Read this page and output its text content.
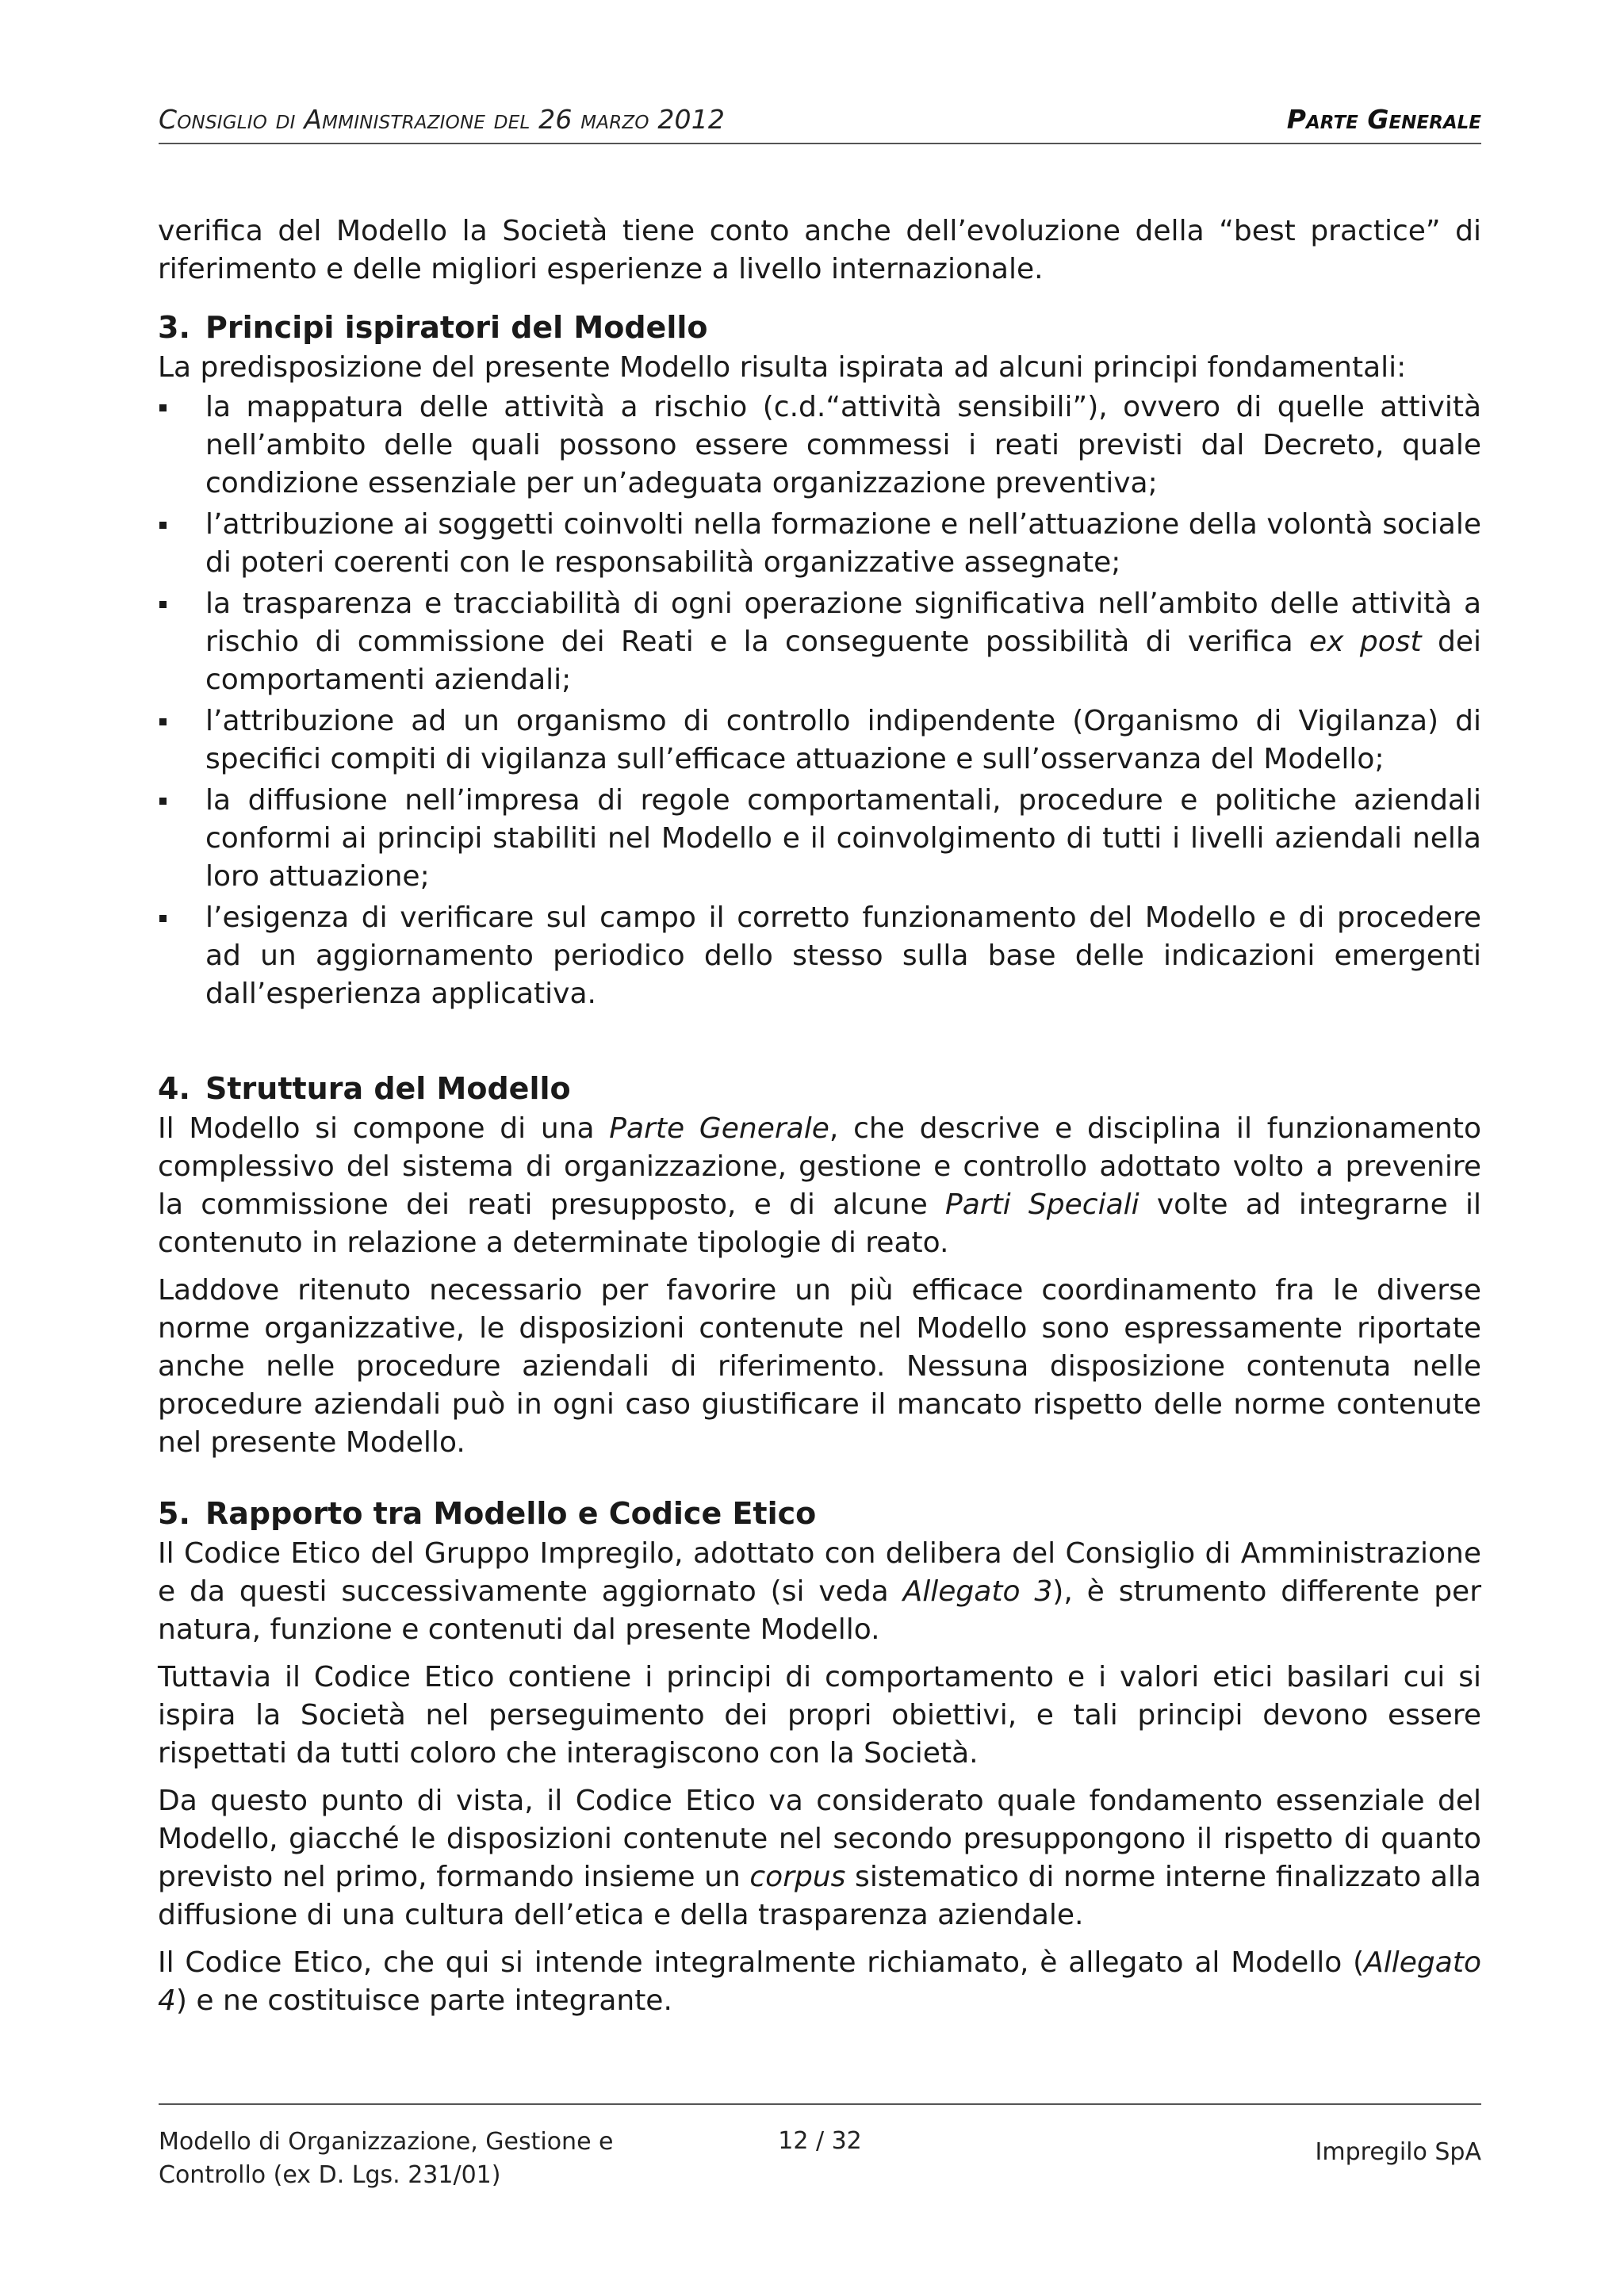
Consiglio di Amministrazione del 26 marzo 2012	Parte Generale

verifica del Modello la Società tiene conto anche dell’evoluzione della “best practice” di riferimento e delle migliori esperienze a livello internazionale.

3. Principi ispiratori del Modello

La predisposizione del presente Modello risulta ispirata ad alcuni principi fondamentali:

la mappatura delle attività a rischio (c.d.“attività sensibili”), ovvero di quelle attività nell’ambito delle quali possono essere commessi i reati previsti dal Decreto, quale condizione essenziale per un’adeguata organizzazione preventiva;
l’attribuzione ai soggetti coinvolti nella formazione e nell’attuazione della volontà sociale di poteri coerenti con le responsabilità organizzative assegnate;
la trasparenza e tracciabilità di ogni operazione significativa nell’ambito delle attività a rischio di commissione dei Reati e la conseguente possibilità di verifica ex post dei comportamenti aziendali;
l’attribuzione ad un organismo di controllo indipendente (Organismo di Vigilanza) di specifici compiti di vigilanza sull’efficace attuazione e sull’osservanza del Modello;
la diffusione nell’impresa di regole comportamentali, procedure e politiche aziendali conformi ai principi stabiliti nel Modello e il coinvolgimento di tutti i livelli aziendali nella loro attuazione;
l’esigenza di verificare sul campo il corretto funzionamento del Modello e di procedere ad un aggiornamento periodico dello stesso sulla base delle indicazioni emergenti dall’esperienza applicativa.
4. Struttura del Modello

Il Modello si compone di una Parte Generale, che descrive e disciplina il funzionamento complessivo del sistema di organizzazione, gestione e controllo adottato volto a prevenire la commissione dei reati presupposto, e di alcune Parti Speciali volte ad integrarne il contenuto in relazione a determinate tipologie di reato.

Laddove ritenuto necessario per favorire un più efficace coordinamento fra le diverse norme organizzative, le disposizioni contenute nel Modello sono espressamente riportate anche nelle procedure aziendali di riferimento. Nessuna disposizione contenuta nelle procedure aziendali può in ogni caso giustificare il mancato rispetto delle norme contenute nel presente Modello.

5. Rapporto tra Modello e Codice Etico

Il Codice Etico del Gruppo Impregilo, adottato con delibera del Consiglio di Amministrazione e da questi successivamente aggiornato (si veda Allegato 3), è strumento differente per natura, funzione e contenuti dal presente Modello.

Tuttavia il Codice Etico contiene i principi di comportamento e i valori etici basilari cui si ispira la Società nel perseguimento dei propri obiettivi, e tali principi devono essere rispettati da tutti coloro che interagiscono con la Società.

Da questo punto di vista, il Codice Etico va considerato quale fondamento essenziale del Modello, giacché le disposizioni contenute nel secondo presuppongono il rispetto di quanto previsto nel primo, formando insieme un corpus sistematico di norme interne finalizzato alla diffusione di una cultura dell’etica e della trasparenza aziendale.

Il Codice Etico, che qui si intende integralmente richiamato, è allegato al Modello (Allegato 4) e ne costituisce parte integrante.

Modello di Organizzazione, Gestione e
Controllo (ex D. Lgs. 231/01)
12 / 32	Impregilo SpA
